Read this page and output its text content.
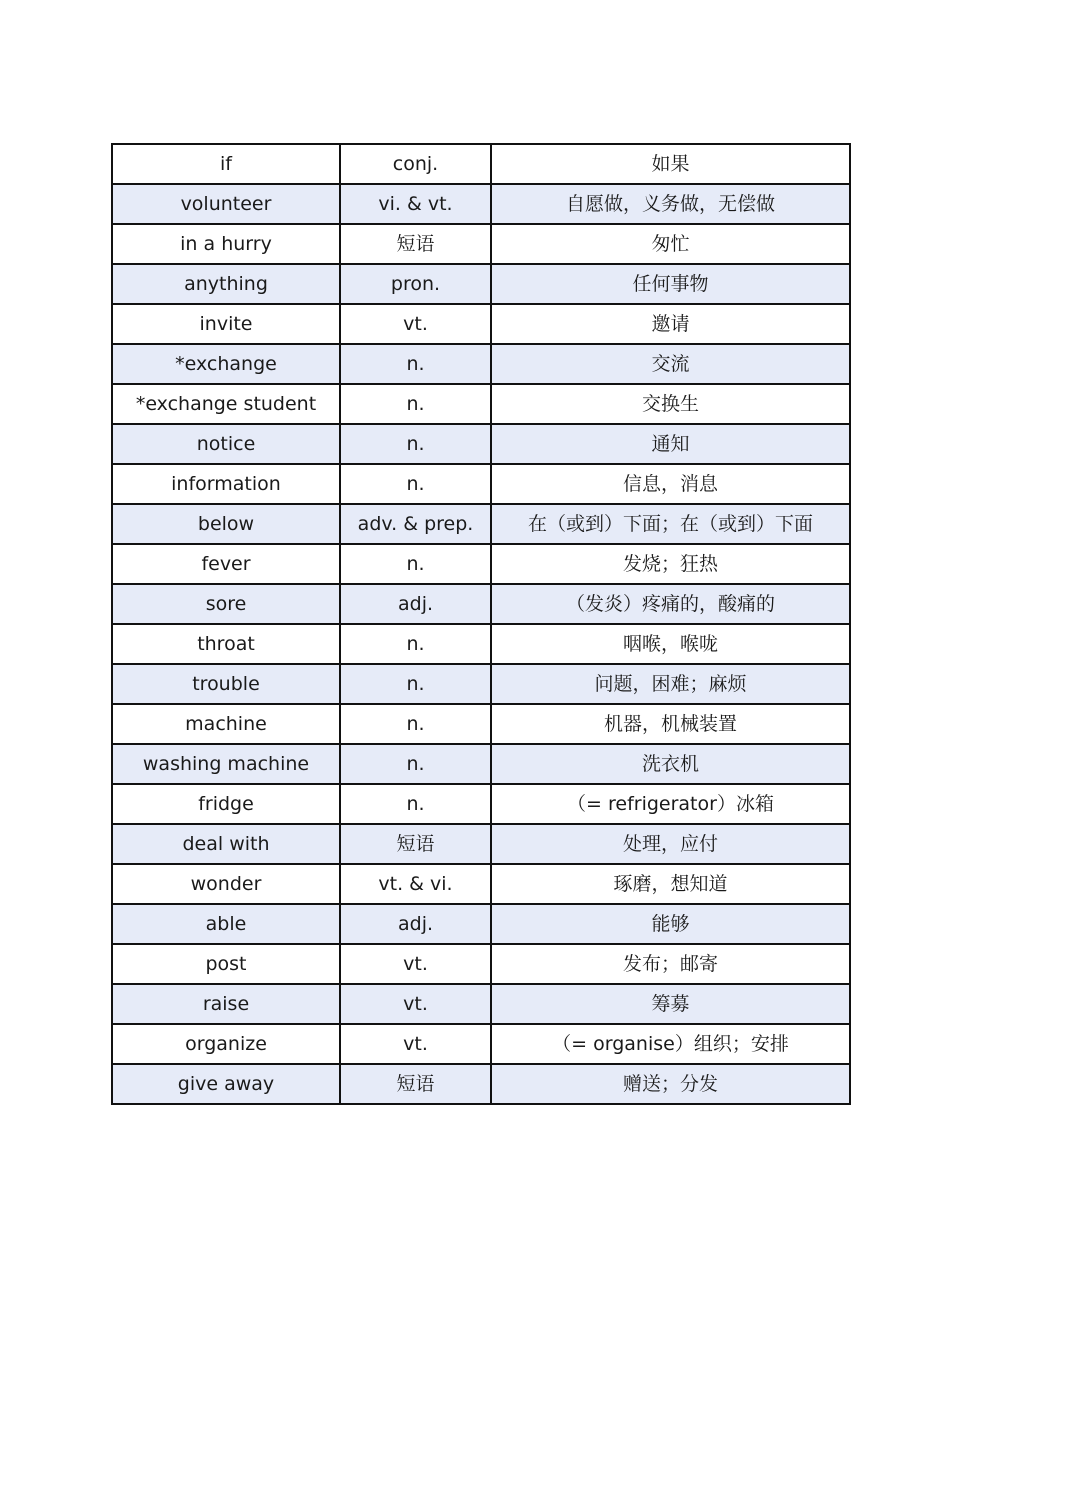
if	conj.	如果
volunteer	vi. & vt.	自愿做，义务做，无偿做
in a hurry	短语	匆忙
anything	pron.	任何事物
invite	vt.	邀请
*exchange	n.	交流
*exchange student	n.	交换生
notice	n.	通知
information	n.	信息，消息
below	adv. & prep.	在（或到）下面；在（或到）下面
fever	n.	发烧；狂热
sore	adj.	（发炎）疼痛的，酸痛的
throat	n.	咽喉，喉咙
trouble	n.	问题，困难；麻烦
machine	n.	机器，机械装置
washing machine	n.	洗衣机
fridge	n.	（= refrigerator）冰箱
deal with	短语	处理，应付
wonder	vt. & vi.	琢磨，想知道
able	adj.	能够
post	vt.	发布；邮寄
raise	vt.	筹募
organize	vt.	（= organise）组织；安排
give away	短语	赠送；分发
